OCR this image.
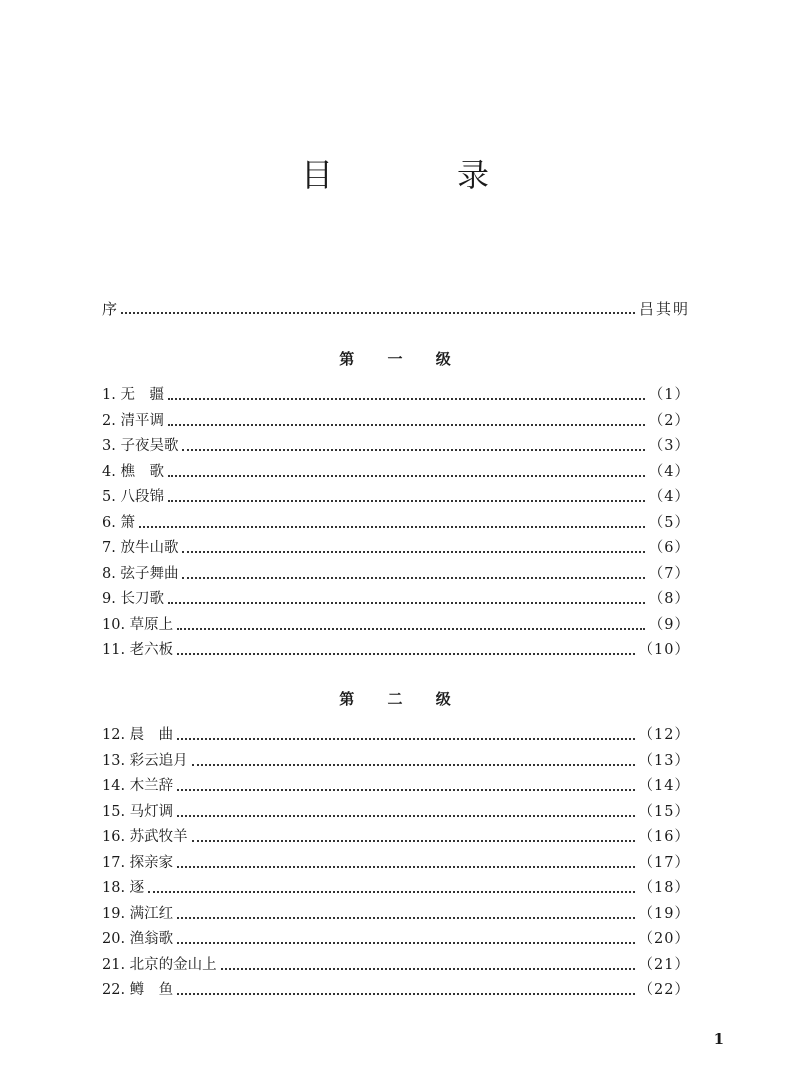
目　录
序	吕其明
第 一 级
1. 无　疆	（1）
2. 清平调	（2）
3. 子夜吴歌	（3）
4. 樵　歌	（4）
5. 八段锦	（4）
6. 箫	（5）
7. 放牛山歌	（6）
8. 弦子舞曲	（7）
9. 长刀歌	（8）
10. 草原上	（9）
11. 老六板	（10）
第 二 级
12. 晨　曲	（12）
13. 彩云追月	（13）
14. 木兰辞	（14）
15. 马灯调	（15）
16. 苏武牧羊	（16）
17. 探亲家	（17）
18. 逐	（18）
19. 满江红	（19）
20. 渔翁歌	（20）
21. 北京的金山上	（21）
22. 鳟　鱼	（22）
1
